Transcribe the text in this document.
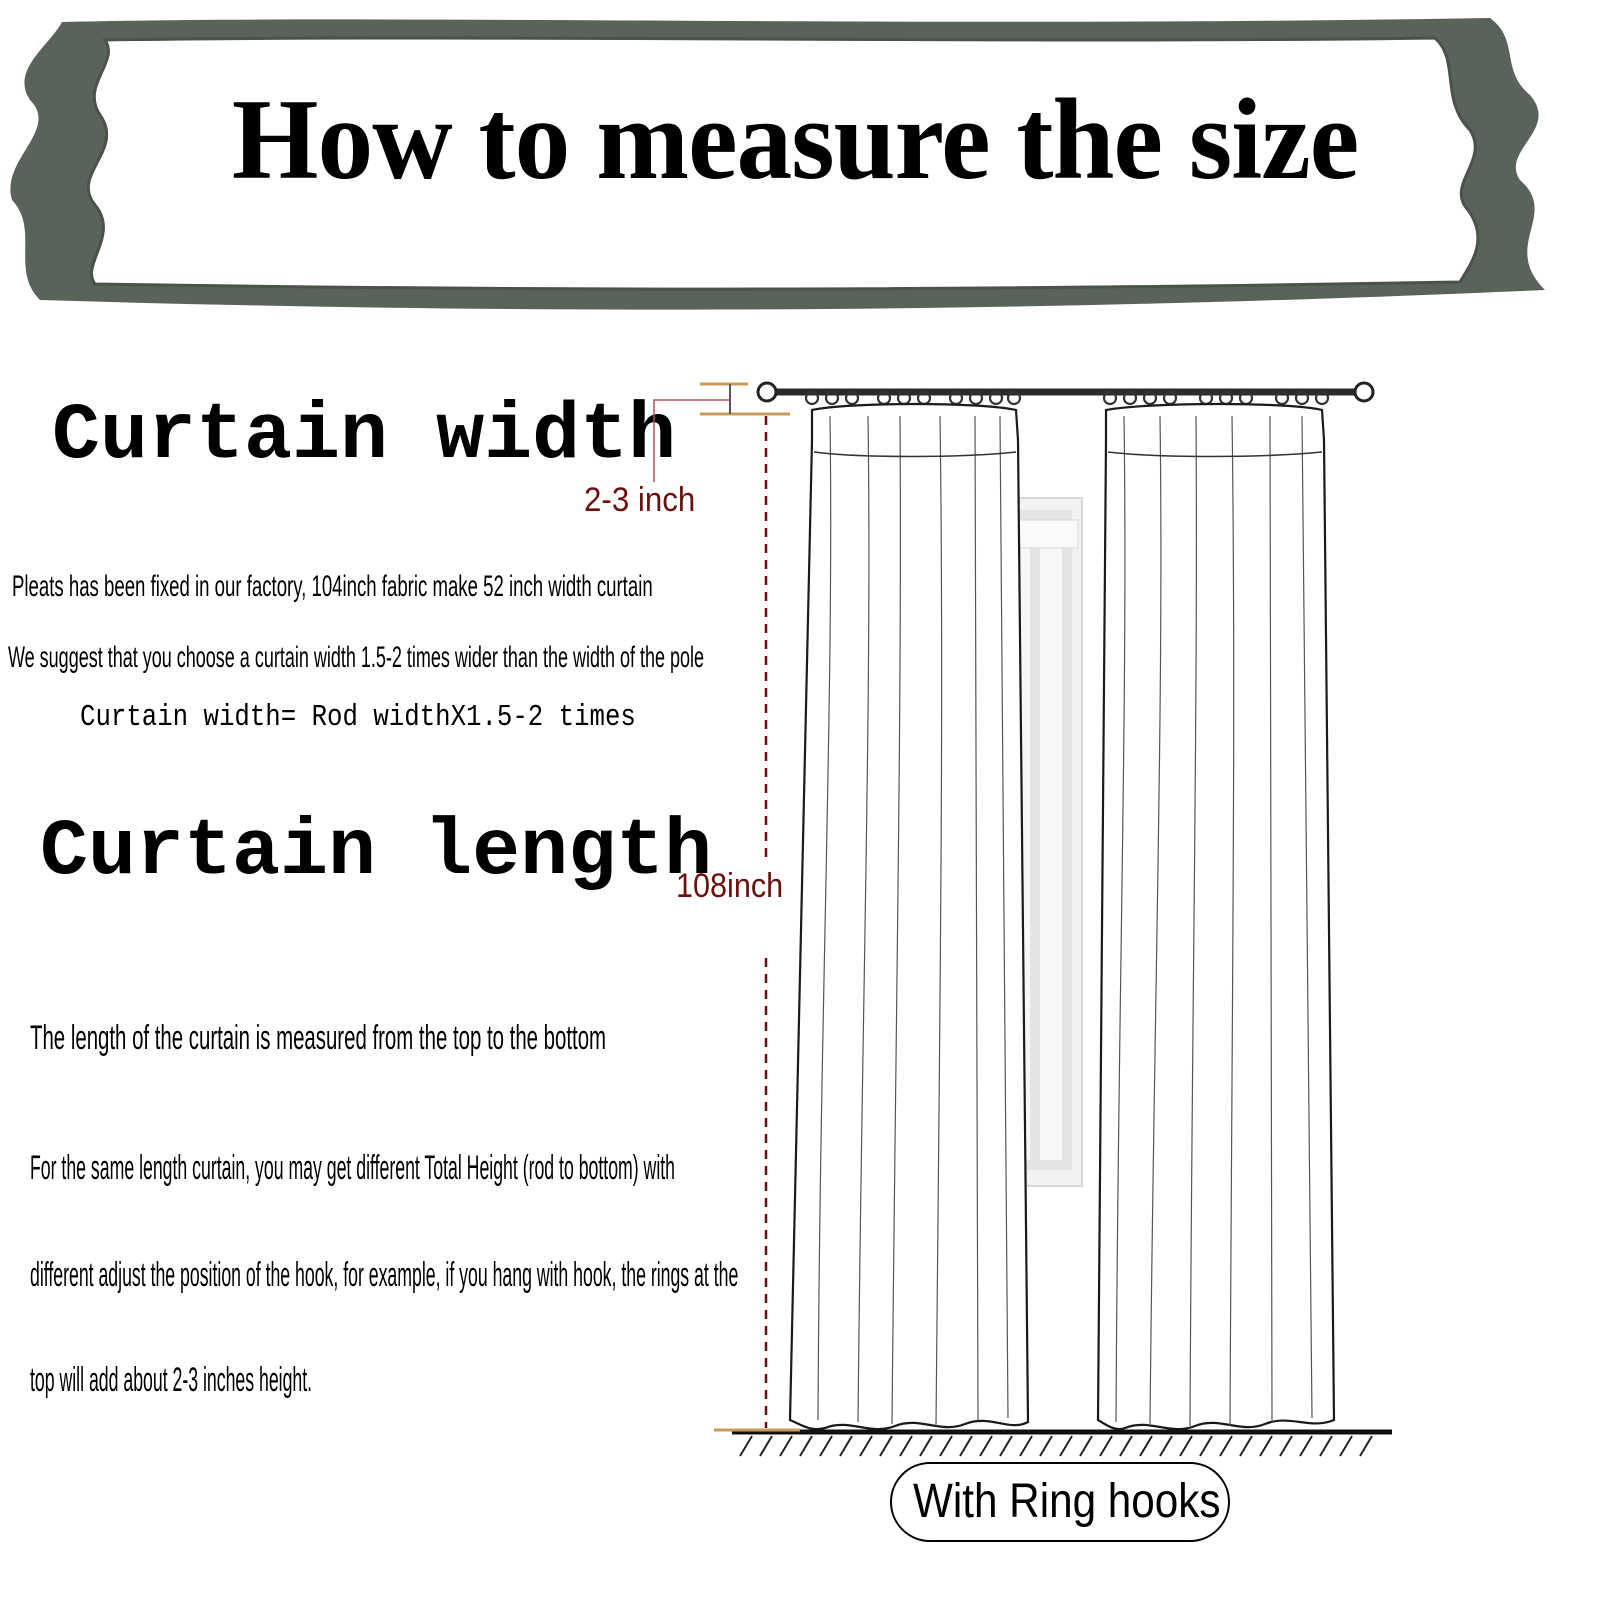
How to measure the size
Curtain width
Pleats has been fixed in our factory, 104inch fabric make 52 inch width curtain
We suggest that you choose a curtain width 1.5-2 times wider than the width of the pole
Curtain width= Rod widthX1.5-2 times
Curtain length
The length of the curtain is measured from the top to the bottom
For the same length curtain, you may get different Total Height (rod to bottom) with
different adjust the position of the hook, for example, if you hang with hook, the rings at the
top will add about 2-3 inches height.
2-3 inch
108inch
With Ring hooks
